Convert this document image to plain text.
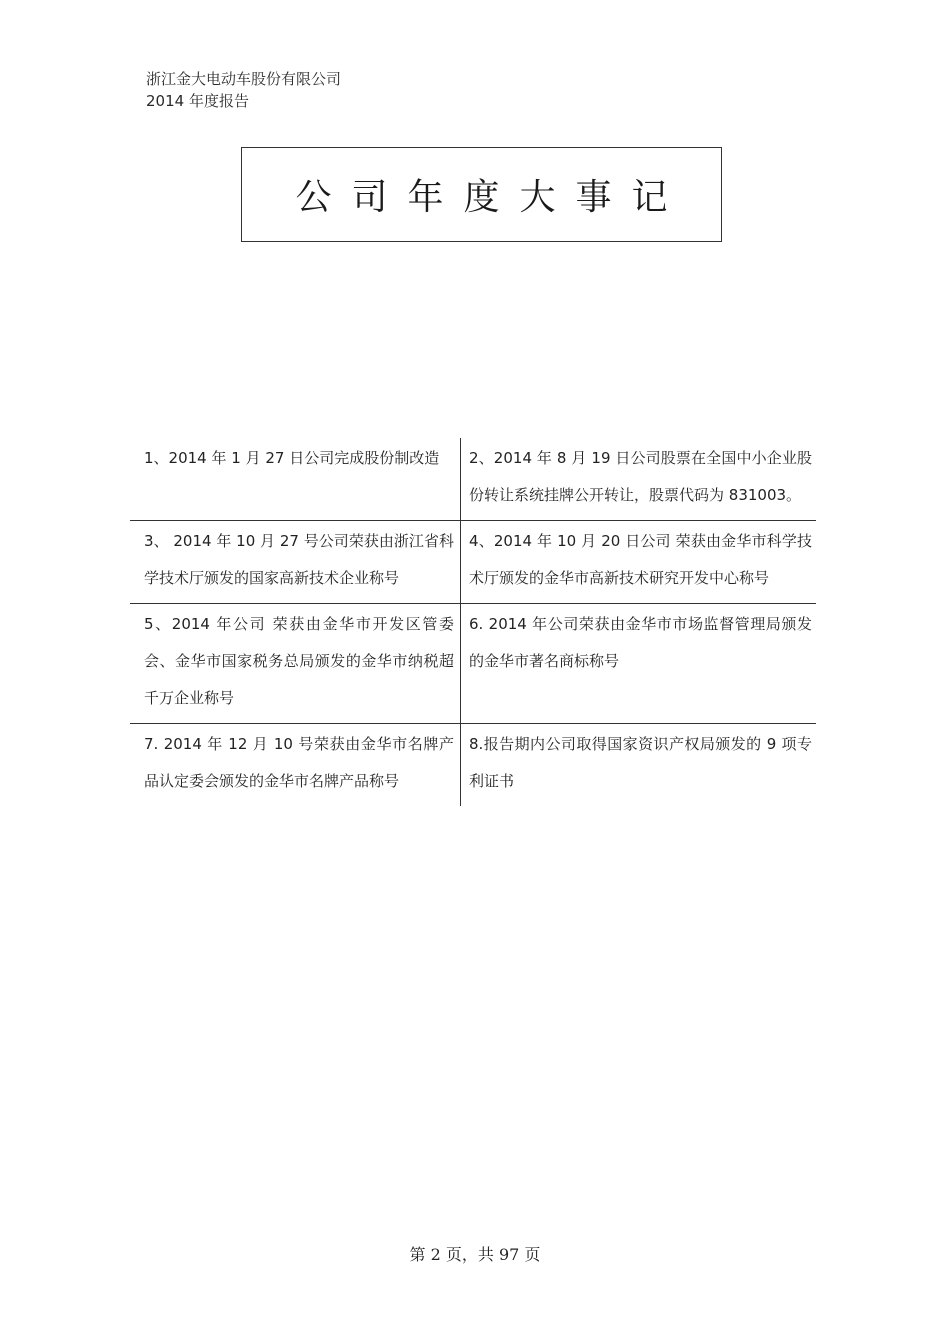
浙江金大电动车股份有限公司
2014 年度报告
公司年度大事记
1、2014 年 1 月 27 日公司完成股份制改造	2、2014 年 8 月 19 日公司股票在全国中小企业股份转让系统挂牌公开转让，股票代码为 831003。
3、 2014 年 10 月 27 号公司荣获由浙江省科学技术厅颁发的国家高新技术企业称号
4、2014 年 10 月 20 日公司 荣获由金华市科学技术厅颁发的金华市高新技术研究开发中心称号
5、2014 年公司 荣获由金华市开发区管委会、金华市国家税务总局颁发的金华市纳税超千万企业称号
6. 2014 年公司荣获由金华市市场监督管理局颁发的金华市著名商标称号
7. 2014 年 12 月 10 号荣获由金华市名牌产品认定委会颁发的金华市名牌产品称号
8.报告期内公司取得国家资识产权局颁发的 9 项专利证书
第 2 页，共 97 页
